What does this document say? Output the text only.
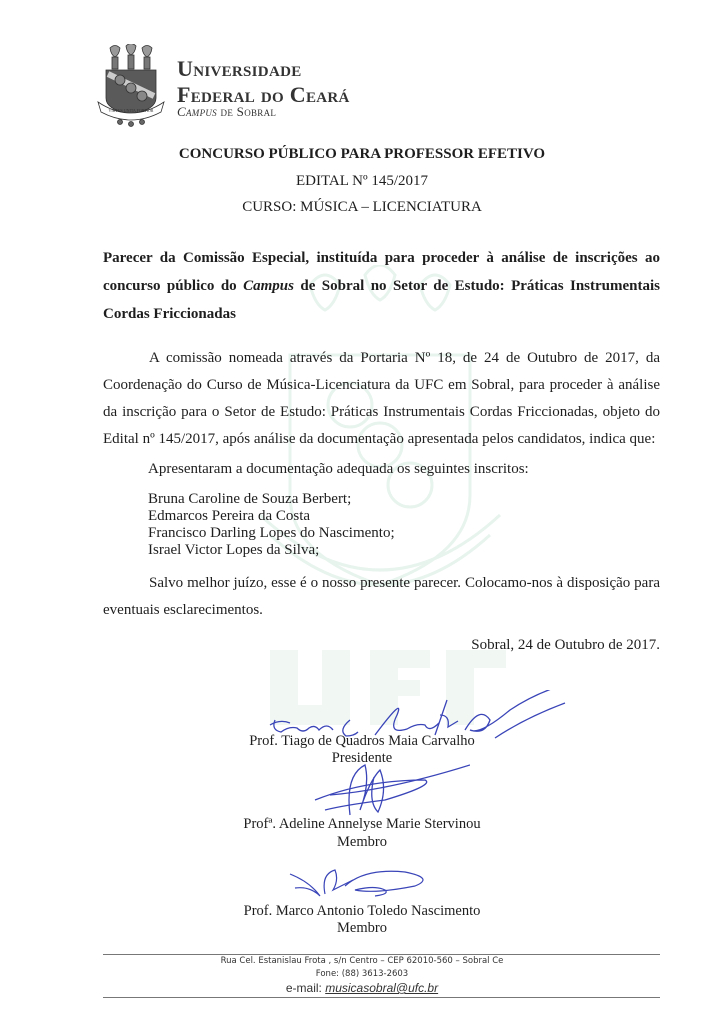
VIRTUS UNITA FORTIOR
Universidade
Federal do Ceará
Campus de Sobral
CONCURSO PÚBLICO PARA PROFESSOR EFETIVO
EDITAL Nº 145/2017
CURSO: MÚSICA – LICENCIATURA
Parecer da Comissão Especial, instituída para proceder à análise de inscrições ao concurso público do Campus de Sobral no Setor de Estudo: Práticas Instrumentais Cordas Friccionadas
A comissão nomeada através da Portaria Nº 18, de 24 de Outubro de 2017, da Coordenação do Curso de Música-Licenciatura da UFC em Sobral, para proceder à análise da inscrição para o Setor de Estudo: Práticas Instrumentais Cordas Friccionadas, objeto do Edital nº 145/2017, após análise da documentação apresentada pelos candidatos, indica que:
Apresentaram a documentação adequada os seguintes inscritos:
Bruna Caroline de Souza Berbert;
Edmarcos Pereira da Costa
Francisco Darling Lopes do Nascimento;
Israel Victor Lopes da Silva;
Salvo melhor juízo, esse é o nosso presente parecer. Colocamo-nos à disposição para eventuais esclarecimentos.
Sobral, 24 de Outubro de 2017.
Prof. Tiago de Quadros Maia Carvalho
Presidente
Profª. Adeline Annelyse Marie Stervinou
Membro
Prof. Marco Antonio Toledo Nascimento
Membro
Rua Cel. Estanislau Frota , s/n Centro – CEP 62010-560 – Sobral Ce
Fone: (88) 3613-2603
e-mail: musicasobral@ufc.br
